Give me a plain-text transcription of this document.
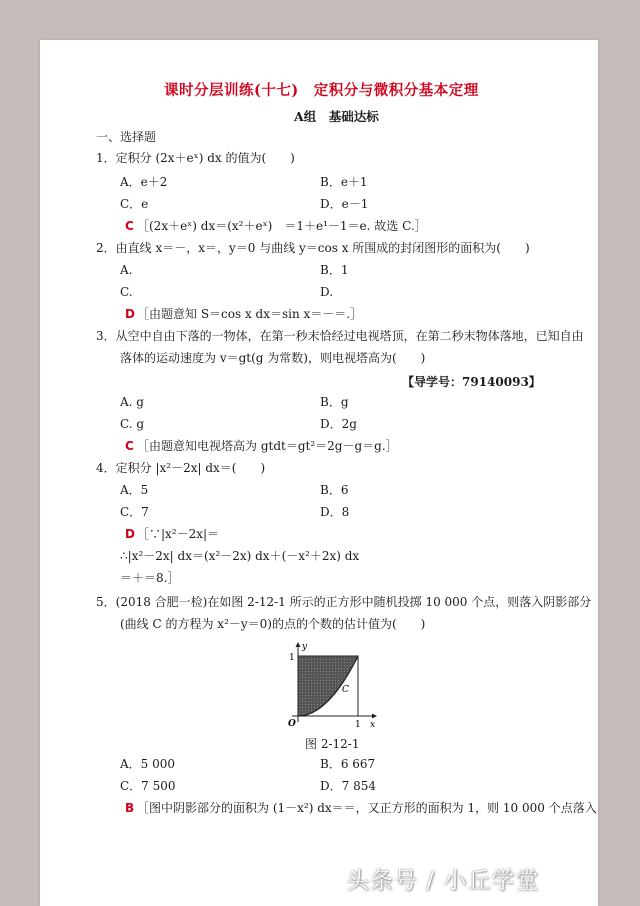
课时分层训练(十七)　定积分与微积分基本定理
A组　基础达标
一、选择题
1．定积分 (2x＋eˣ) dx 的值为(　　)
A．e＋2	B．e＋1
C．e	D．e－1
C ［(2x＋eˣ) dx＝(x²＋eˣ)　＝1＋e¹－1＝e. 故选 C.］
2．由直线 x＝－，x＝，y＝0 与曲线 y＝cos x 所围成的封闭图形的面积为(　　)
A.	B．1
C.	D.
D ［由题意知 S＝cos x dx＝sin x＝－＝.］
3．从空中自由下落的一物体，在第一秒末恰经过电视塔顶，在第二秒末物体落地，已知自由
落体的运动速度为 v＝gt(g 为常数)，则电视塔高为(　　)
【导学号：79140093】
A. g	B．g
C. g	D．2g
C ［由题意知电视塔高为 gtdt＝gt²＝2g－g＝g.］
4．定积分 |x²－2x| dx＝(　　)
A．5	B．6
C．7	D．8
D ［∵|x²－2x|＝
∴|x²－2x| dx＝(x²－2x) dx＋(－x²＋2x) dx
＝＋＝8.］
5．(2018 合肥一检)在如图 2-12-1 所示的正方形中随机投掷 10 000 个点，则落入阴影部分
(曲线 C 的方程为 x²－y＝0)的点的个数的估计值为(　　)
y
x
O
1
1
C
图 2-12-1
A．5 000	B．6 667
C．7 500	D．7 854
B ［图中阴影部分的面积为 (1－x²) dx＝＝，又正方形的面积为 1，则 10 000 个点落入
头条号 / 小丘学堂
